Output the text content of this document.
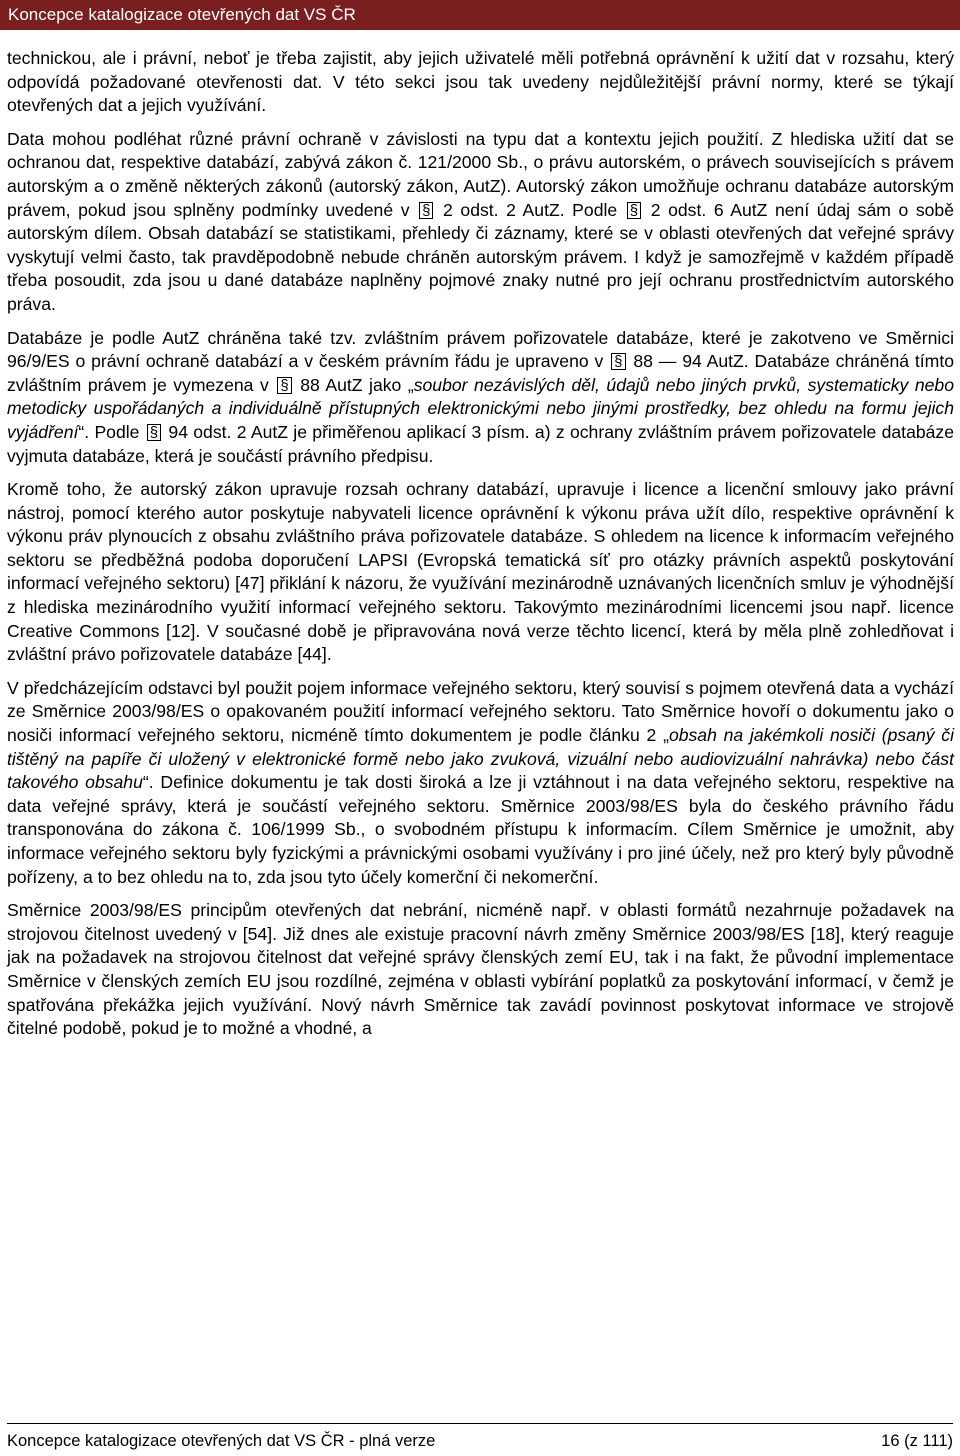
Koncepce katalogizace otevřených dat VS ČR

technickou, ale i právní, neboť je třeba zajistit, aby jejich uživatelé měli potřebná oprávnění k užití dat v rozsahu, který odpovídá požadované otevřenosti dat. V této sekci jsou tak uvedeny nejdůležitější právní normy, které se týkají otevřených dat a jejich využívání.

Data mohou podléhat různé právní ochraně v závislosti na typu dat a kontextu jejich použití. Z hlediska užití dat se ochranou dat, respektive databází, zabývá zákon č. 121/2000 Sb., o právu autorském, o právech souvisejících s právem autorským a o změně některých zákonů (autorský zákon, AutZ). Autorský zákon umožňuje ochranu databáze autorským právem, pokud jsou splněny podmínky uvedené v § 2 odst. 2 AutZ. Podle § 2 odst. 6 AutZ není údaj sám o sobě autorským dílem. Obsah databází se statistikami, přehledy či záznamy, které se v oblasti otevřených dat veřejné správy vyskytují velmi často, tak pravděpodobně nebude chráněn autorským právem. I když je samozřejmě v každém případě třeba posoudit, zda jsou u dané databáze naplněny pojmové znaky nutné pro její ochranu prostřednictvím autorského práva.

Databáze je podle AutZ chráněna také tzv. zvláštním právem pořizovatele databáze, které je zakotveno ve Směrnici 96/9/ES o právní ochraně databází a v českém právním řádu je upraveno v § 88 — 94 AutZ. Databáze chráněná tímto zvláštním právem je vymezena v § 88 AutZ jako „soubor nezávislých děl, údajů nebo jiných prvků, systematicky nebo metodicky uspořádaných a individuálně přístupných elektronickými nebo jinými prostředky, bez ohledu na formu jejich vyjádření“. Podle § 94 odst. 2 AutZ je přiměřenou aplikací 3 písm. a) z ochrany zvláštním právem pořizovatele databáze vyjmuta databáze, která je součástí právního předpisu.

Kromě toho, že autorský zákon upravuje rozsah ochrany databází, upravuje i licence a licenční smlouvy jako právní nástroj, pomocí kterého autor poskytuje nabyvateli licence oprávnění k výkonu práva užít dílo, respektive oprávnění k výkonu práv plynoucích z obsahu zvláštního práva pořizovatele databáze. S ohledem na licence k informacím veřejného sektoru se předběžná podoba doporučení LAPSI (Evropská tematická síť pro otázky právních aspektů poskytování informací veřejného sektoru) [47] přiklání k názoru, že využívání mezinárodně uznávaných licenčních smluv je výhodnější z hlediska mezinárodního využití informací veřejného sektoru. Takovýmto mezinárodními licencemi jsou např. licence Creative Commons [12]. V současné době je připravována nová verze těchto licencí, která by měla plně zohledňovat i zvláštní právo pořizovatele databáze [44].

V předcházejícím odstavci byl použit pojem informace veřejného sektoru, který souvisí s pojmem otevřená data a vychází ze Směrnice 2003/98/ES o opakovaném použití informací veřejného sektoru. Tato Směrnice hovoří o dokumentu jako o nosiči informací veřejného sektoru, nicméně tímto dokumentem je podle článku 2 „obsah na jakémkoli nosiči (psaný či tištěný na papíře či uložený v elektronické formě nebo jako zvuková, vizuální nebo audiovizuální nahrávka) nebo část takového obsahu“. Definice dokumentu je tak dosti široká a lze ji vztáhnout i na data veřejného sektoru, respektive na data veřejné správy, která je součástí veřejného sektoru. Směrnice 2003/98/ES byla do českého právního řádu transponována do zákona č. 106/1999 Sb., o svobodném přístupu k informacím. Cílem Směrnice je umožnit, aby informace veřejného sektoru byly fyzickými a právnickými osobami využívány i pro jiné účely, než pro který byly původně pořízeny, a to bez ohledu na to, zda jsou tyto účely komerční či nekomerční.

Směrnice 2003/98/ES principům otevřených dat nebrání, nicméně např. v oblasti formátů nezahrnuje požadavek na strojovou čitelnost uvedený v [54]. Již dnes ale existuje pracovní návrh změny Směrnice 2003/98/ES [18], který reaguje jak na požadavek na strojovou čitelnost dat veřejné správy členských zemí EU, tak i na fakt, že původní implementace Směrnice v členských zemích EU jsou rozdílné, zejména v oblasti vybírání poplatků za poskytování informací, v čemž je spatřována překážka jejich využívání. Nový návrh Směrnice tak zavádí povinnost poskytovat informace ve strojově čitelné podobě, pokud je to možné a vhodné, a

Koncepce katalogizace otevřených dat VS ČR - plná verze	16 (z 111)
